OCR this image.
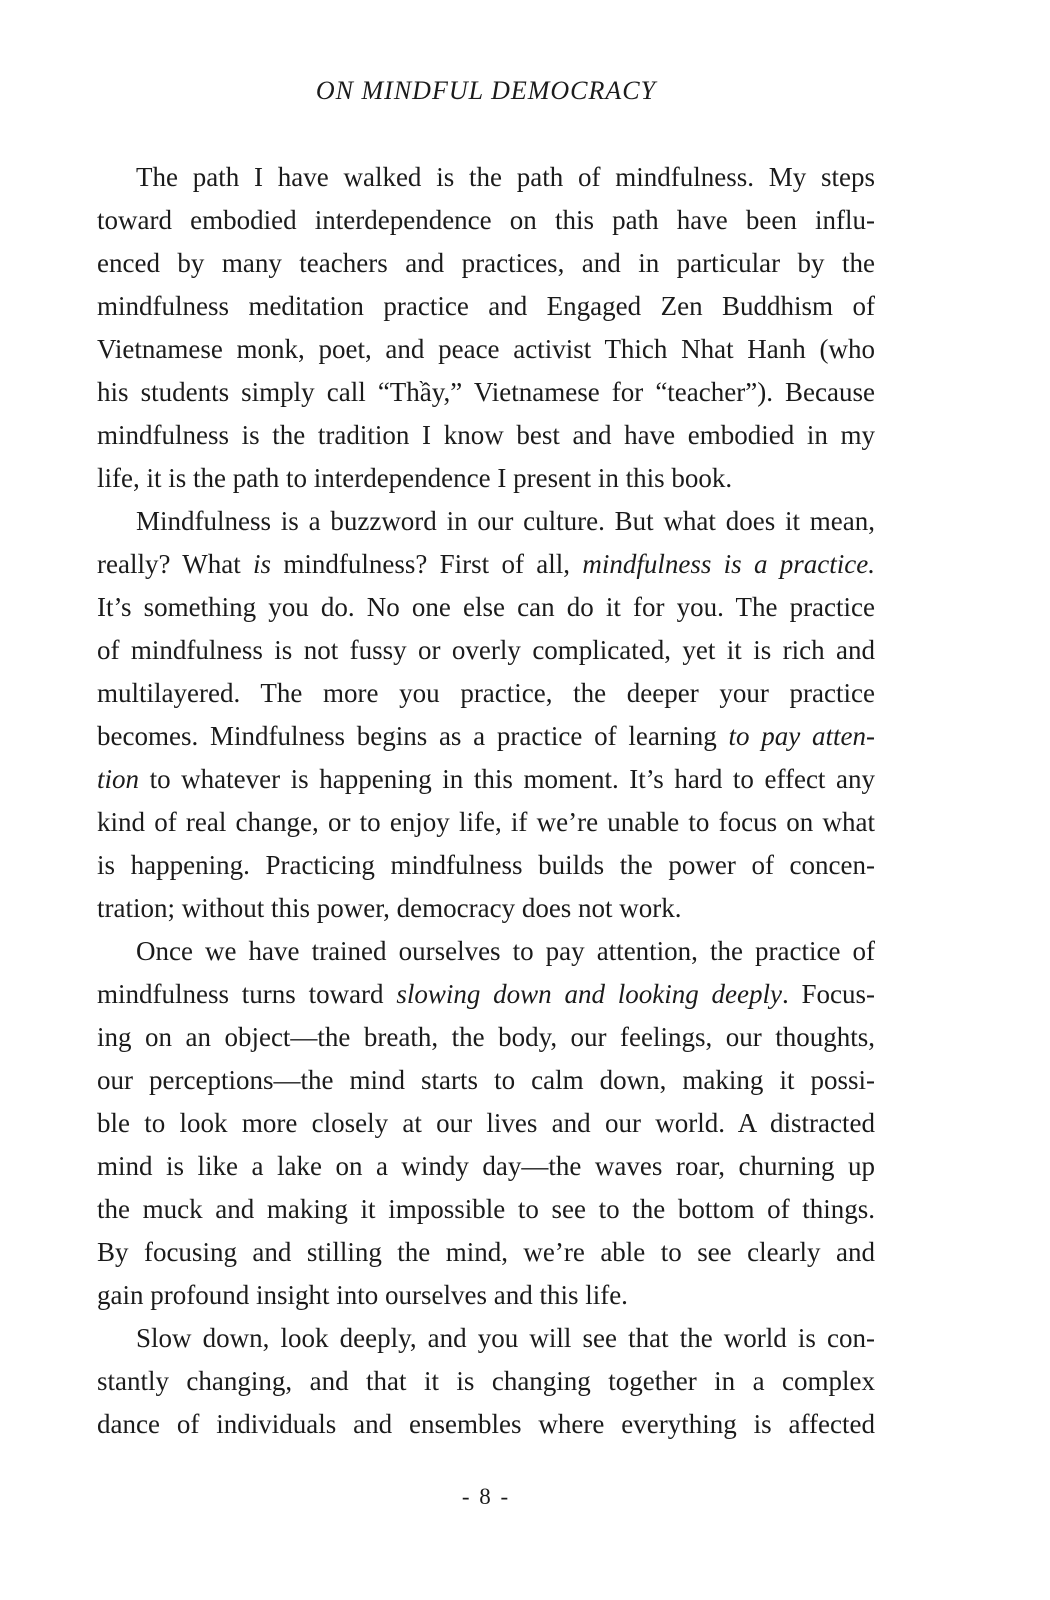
ON MINDFUL DEMOCRACY
The path I have walked is the path of mindfulness. My steps
toward embodied interdependence on this path have been influ-
enced by many teachers and practices, and in particular by the
mindfulness meditation practice and Engaged Zen Buddhism of
Vietnamese monk, poet, and peace activist Thich Nhat Hanh (who
his students simply call “Thầy,” Vietnamese for “teacher”). Because
mindfulness is the tradition I know best and have embodied in my
life, it is the path to interdependence I present in this book.
Mindfulness is a buzzword in our culture. But what does it mean,
really? What is mindfulness? First of all, mindfulness is a practice.
It’s something you do. No one else can do it for you. The practice
of mindfulness is not fussy or overly complicated, yet it is rich and
multilayered. The more you practice, the deeper your practice
becomes. Mindfulness begins as a practice of learning to pay atten-
tion to whatever is happening in this moment. It’s hard to effect any
kind of real change, or to enjoy life, if we’re unable to focus on what
is happening. Practicing mindfulness builds the power of concen-
tration; without this power, democracy does not work.
Once we have trained ourselves to pay attention, the practice of
mindfulness turns toward slowing down and looking deeply. Focus-
ing on an object—the breath, the body, our feelings, our thoughts,
our perceptions—the mind starts to calm down, making it possi-
ble to look more closely at our lives and our world. A distracted
mind is like a lake on a windy day—the waves roar, churning up
the muck and making it impossible to see to the bottom of things.
By focusing and stilling the mind, we’re able to see clearly and
gain profound insight into ourselves and this life.
Slow down, look deeply, and you will see that the world is con-
stantly changing, and that it is changing together in a complex
dance of individuals and ensembles where everything is affected
- 8 -
